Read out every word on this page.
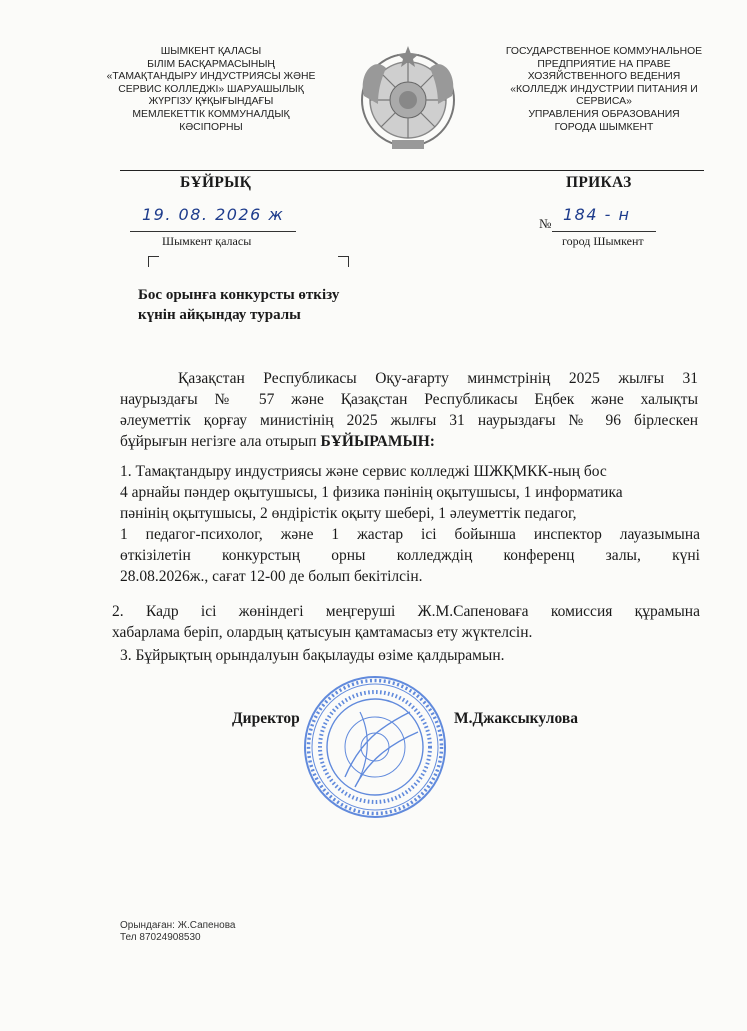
ШЫМКЕНТ ҚАЛАСЫ
БІЛІМ БАСҚАРМАСЫНЫҢ
«ТАМАҚТАНДЫРУ ИНДУСТРИЯСЫ ЖӘНЕ
СЕРВИС КОЛЛЕДЖІ» ШАРУАШЫЛЫҚ
ЖҮРГІЗУ ҚҰҚЫҒЫНДАҒЫ
МЕМЛЕКЕТТІК КОММУНАЛДЫҚ
КӘСІПОРНЫ
ГОСУДАРСТВЕННОЕ КОММУНАЛЬНОЕ
ПРЕДПРИЯТИЕ НА ПРАВЕ
ХОЗЯЙСТВЕННОГО ВЕДЕНИЯ
«КОЛЛЕДЖ ИНДУСТРИИ ПИТАНИЯ И
СЕРВИСА»
УПРАВЛЕНИЯ ОБРАЗОВАНИЯ
ГОРОДА ШЫМКЕНТ
БҰЙРЫҚ	ПРИКАЗ
19. 08. 2026 ж
Шымкент қаласы
№ 184 - н
город Шымкент
Бос орынға конкурсты өткізу
күнін айқындау туралы
Қазақстан Республикасы Оқу-ағарту минмстрінің 2025 жылғы 31
наурыздағы № 57 және Қазақстан Республикасы Еңбек және халықты
әлеуметтік қорғау министінің 2025 жылғы 31 наурыздағы № 96 бірлескен
бұйрығын негізге ала отырып БҰЙЫРАМЫН:
1. Тамақтандыру индустриясы және сервис колледжі ШЖҚМКК-ның бос
4 арнайы пәндер оқытушысы, 1 физика пәнінің оқытушысы, 1 информатика
пәнінің оқытушысы, 2 өндірістік оқыту шебері, 1 әлеуметтік педагог,
1 педагог-психолог, және 1 жастар ісі бойынша инспектор лауазымына
өткізілетін конкурстың орны колледждің конференц залы, күні
28.08.2026ж., сағат 12-00 де болып бекітілсін.
2. Кадр ісі жөніндегі меңгеруші Ж.М.Сапеноваға комиссия құрамына
хабарлама беріп, олардың қатысуын қамтамасыз ету жүктелсін.
3. Бұйрықтың орындалуын бақылауды өзіме қалдырамын.
Директор	М.Джаксыкулова
Орындаған: Ж.Сапенова
Тел 87024908530
